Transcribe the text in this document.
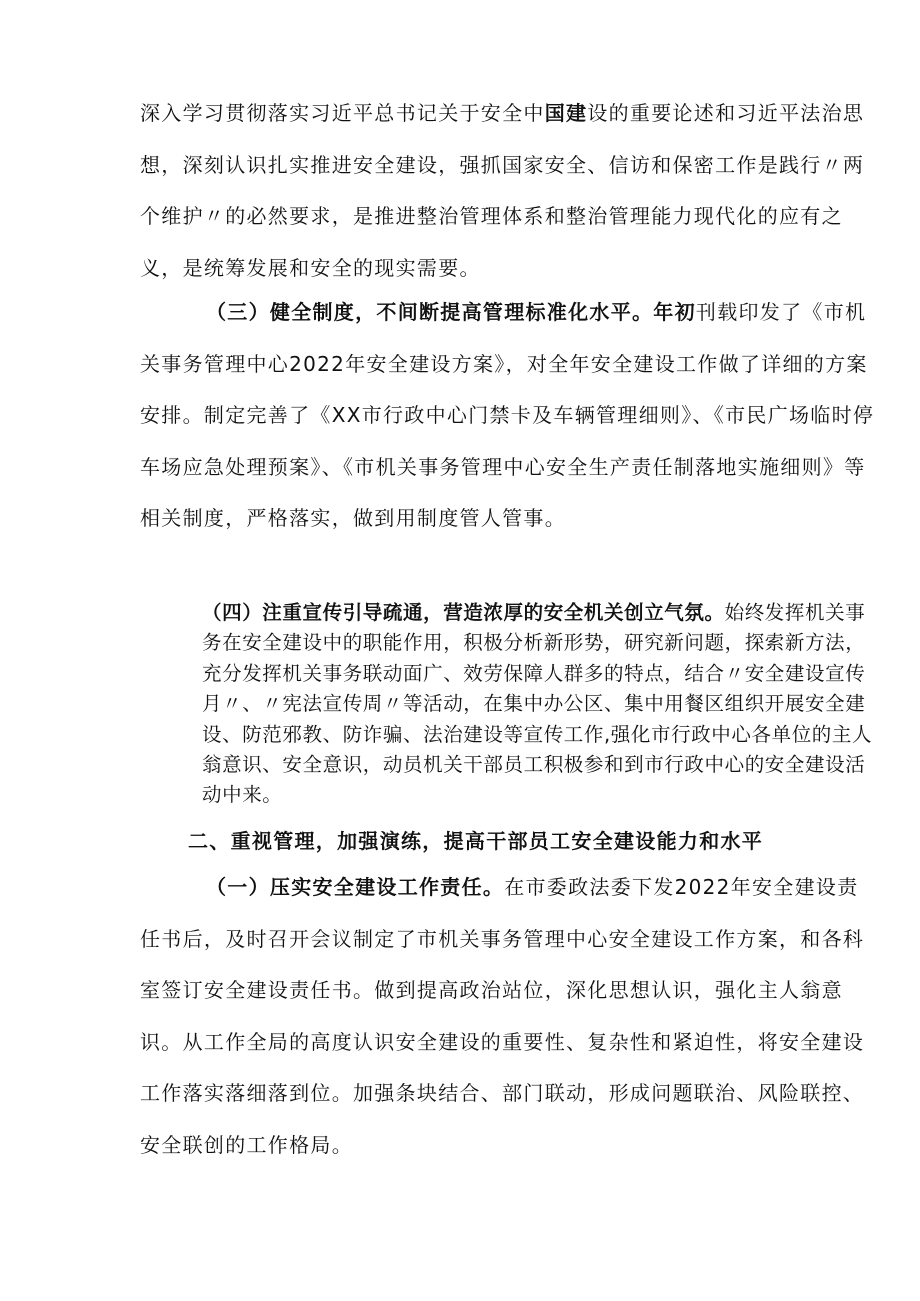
深入学习贯彻落实习近平总书记关于安全中国建设的重要论述和习近平法治思想，深刻认识扎实推进安全建设，强抓国家安全、信访和保密工作是践行〃两个维护〃的必然要求，是推进整治管理体系和整治管理能力现代化的应有之义，是统筹发展和安全的现实需要。
（三）健全制度，不间断提高管理标准化水平。年初刊载印发了《市机关事务管理中心2022年安全建设方案》，对全年安全建设工作做了详细的方案安排。制定完善了《XX市行政中心门禁卡及车辆管理细则》、《市民广场临时停车场应急处理预案》、《市机关事务管理中心安全生产责任制落地实施细则》等相关制度，严格落实，做到用制度管人管事。
（四）注重宣传引导疏通，营造浓厚的安全机关创立气氛。始终发挥机关事务在安全建设中的职能作用，积极分析新形势，研究新问题，探索新方法，充分发挥机关事务联动面广、效劳保障人群多的特点，结合〃安全建设宣传月〃、〃宪法宣传周〃等活动，在集中办公区、集中用餐区组织开展安全建设、防范邪教、防诈骗、法治建设等宣传工作,强化市行政中心各单位的主人翁意识、安全意识，动员机关干部员工积极参和到市行政中心的安全建设活动中来。
二、重视管理，加强演练，提高干部员工安全建设能力和水平
（一）压实安全建设工作责任。在市委政法委下发2022年安全建设责任书后，及时召开会议制定了市机关事务管理中心安全建设工作方案，和各科室签订安全建设责任书。做到提高政治站位，深化思想认识，强化主人翁意识。从工作全局的高度认识安全建设的重要性、复杂性和紧迫性，将安全建设工作落实落细落到位。加强条块结合、部门联动，形成问题联治、风险联控、安全联创的工作格局。
